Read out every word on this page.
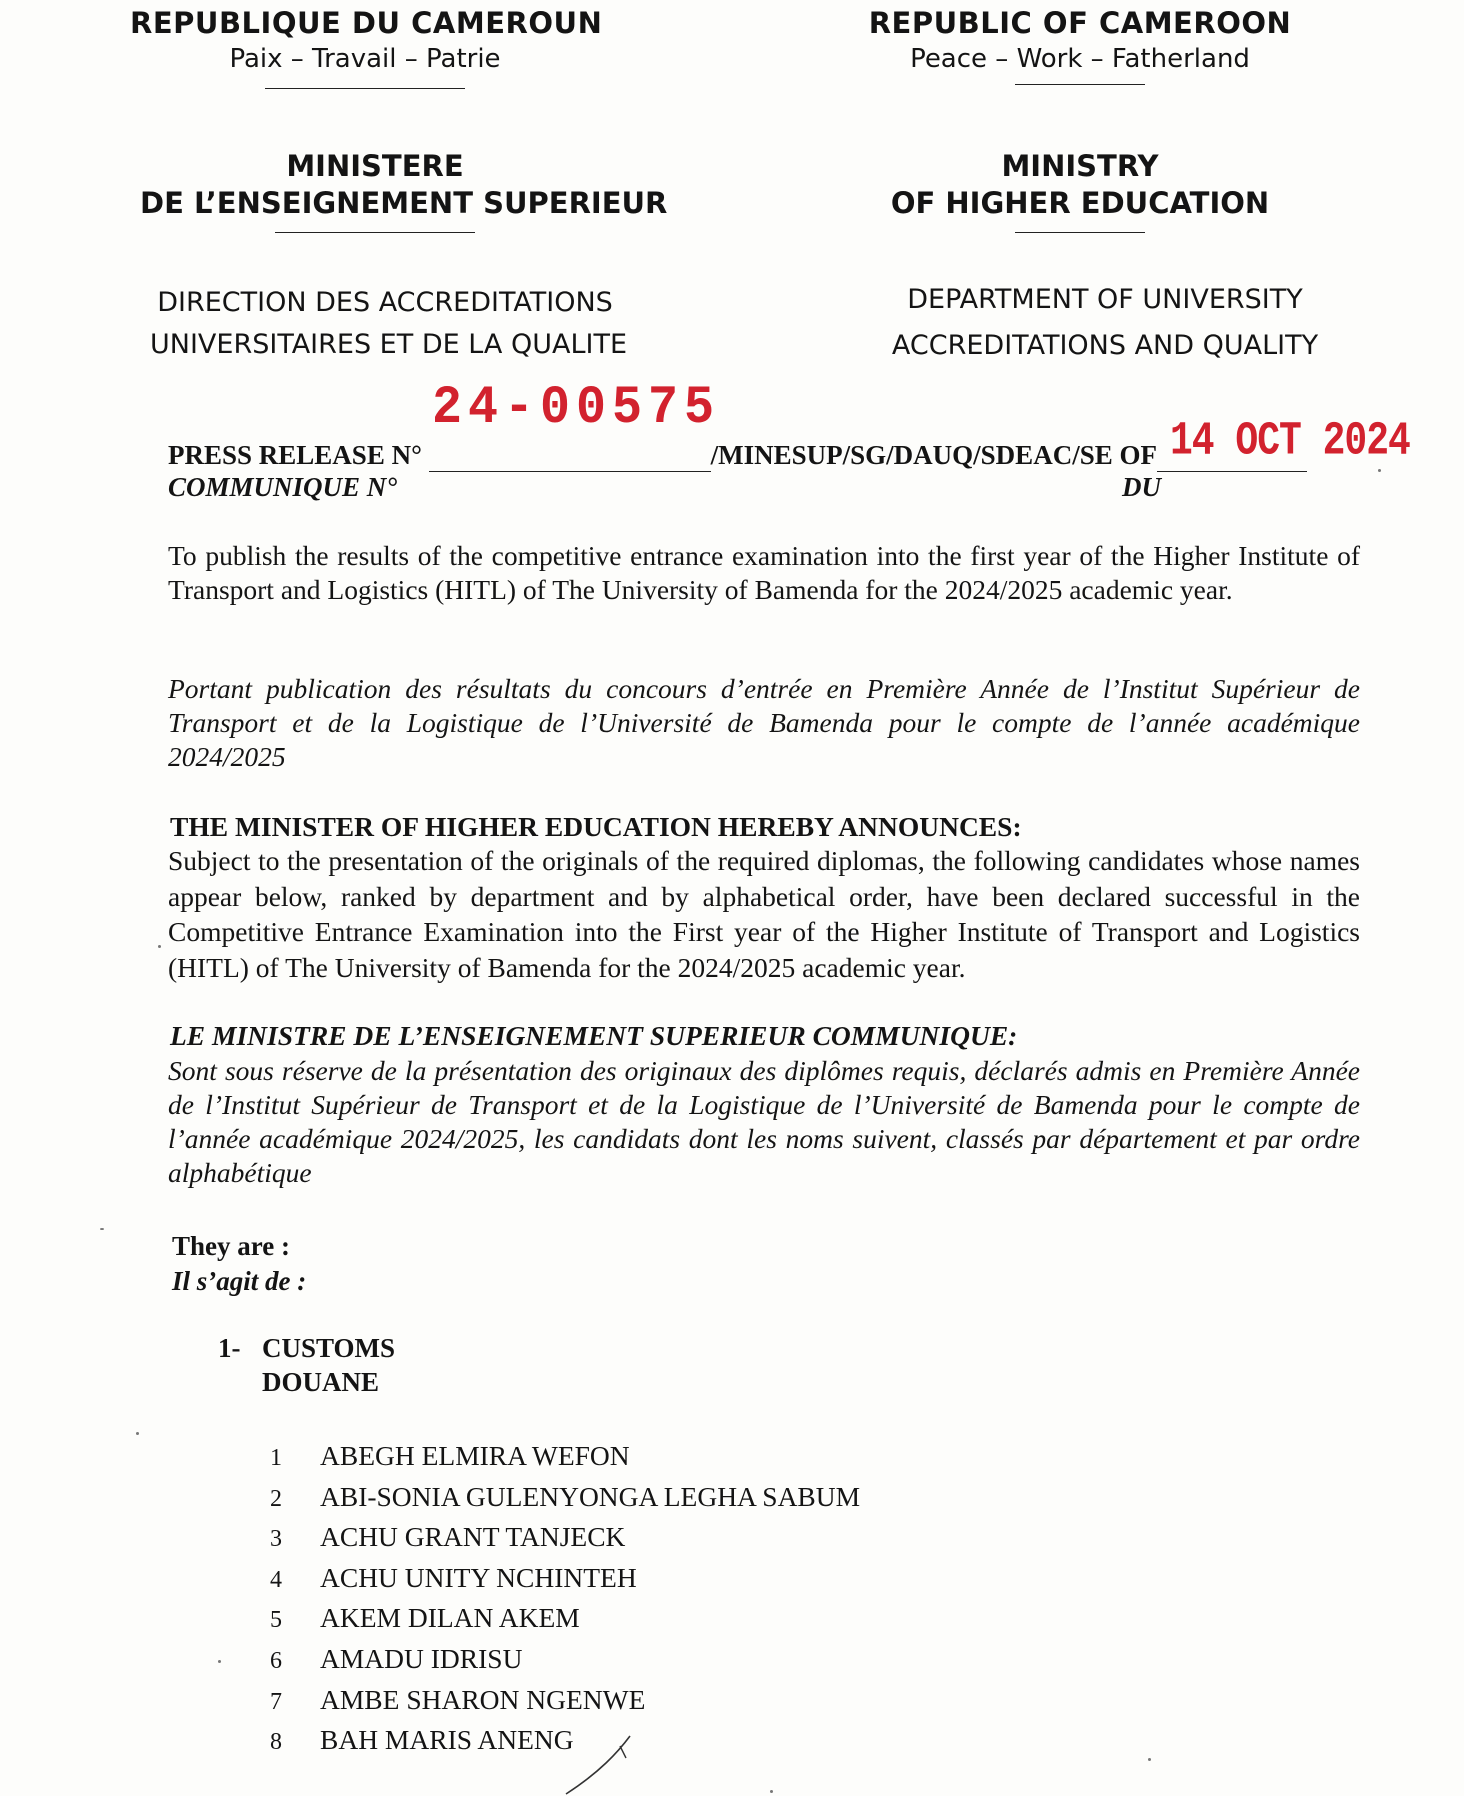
REPUBLIQUE DU CAMEROUN
Paix – Travail – Patrie
REPUBLIC OF CAMEROON
Peace – Work – Fatherland
MINISTERE
DE L’ENSEIGNEMENT SUPERIEUR
MINISTRY
OF HIGHER EDUCATION
DIRECTION DES ACCREDITATIONS
UNIVERSITAIRES ET DE LA QUALITE
DEPARTMENT OF UNIVERSITY
ACCREDITATIONS AND QUALITY
24-00575
14 OCT 2024
PRESS RELEASE N°	/MINESUP/SG/DAUQ/SDEAC/SE OF
COMMUNIQUE N°	DU
To publish the results of the competitive entrance examination into the first year of the Higher Institute of Transport and Logistics (HITL) of The University of Bamenda for the 2024/2025 academic year.
Portant publication des résultats du concours d’entrée en Première Année de l’Institut Supérieur de Transport et de la Logistique de l’Université de Bamenda pour le compte de l’année académique 2024/2025
THE MINISTER OF HIGHER EDUCATION HEREBY ANNOUNCES:
Subject to the presentation of the originals of the required diplomas, the following candidates whose names appear below, ranked by department and by alphabetical order, have been declared successful in the Competitive Entrance Examination into the First year of the Higher Institute of Transport and Logistics (HITL) of The University of Bamenda for the 2024/2025 academic year.
LE MINISTRE DE L’ENSEIGNEMENT SUPERIEUR COMMUNIQUE:
Sont sous réserve de la présentation des originaux des diplômes requis, déclarés admis en Première Année de l’Institut Supérieur de Transport et de la Logistique de l’Université de Bamenda pour le compte de l’année académique 2024/2025, les candidats dont les noms suivent, classés par département et par ordre alphabétique
They are :
Il s’agit de :
1- CUSTOMS
DOUANE
1 ABEGH ELMIRA WEFON
2 ABI-SONIA GULENYONGA LEGHA SABUM
3 ACHU GRANT TANJECK
4 ACHU UNITY NCHINTEH
5 AKEM DILAN AKEM
6 AMADU IDRISU
7 AMBE SHARON NGENWE
8 BAH MARIS ANENG
